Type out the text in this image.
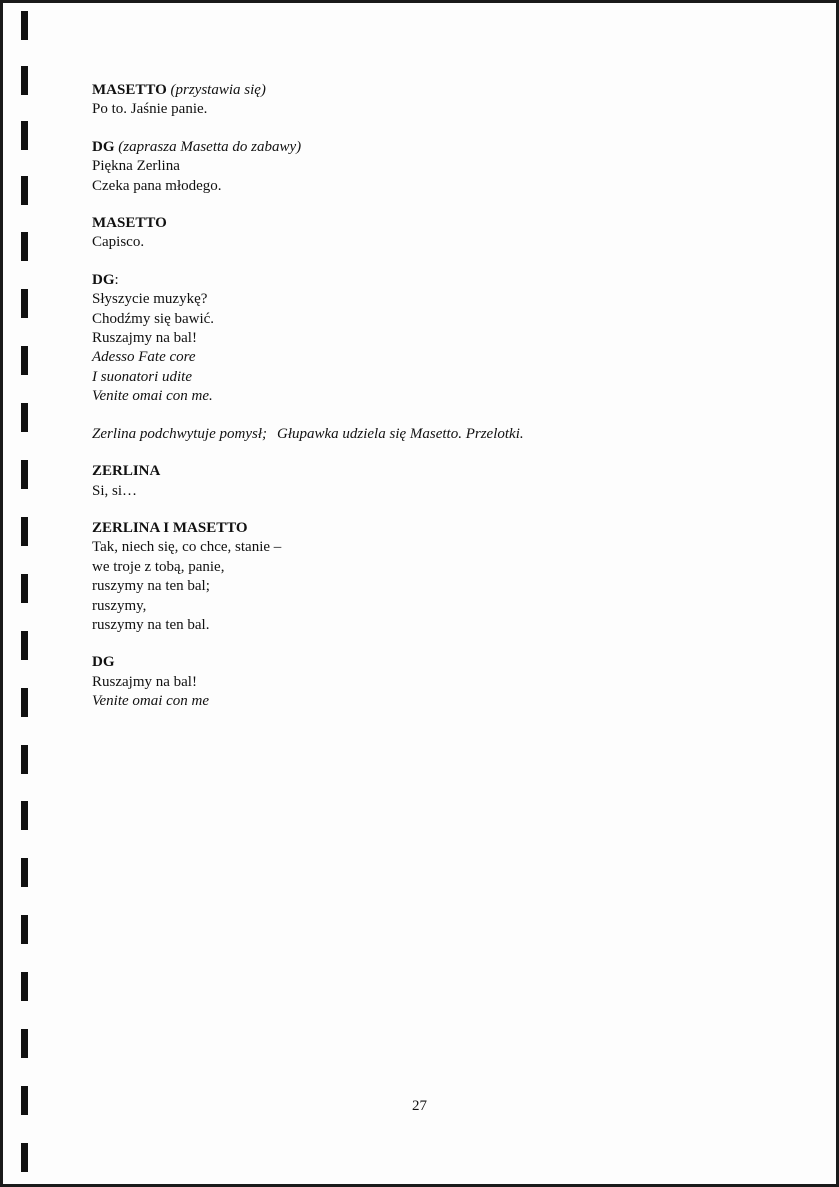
MASETTO (przystawia się)
Po to. Jaśnie panie.
DG (zaprasza Masetta do zabawy)
Piękna Zerlina
Czeka pana młodego.
MASETTO
Capisco.
DG:
Słyszycie muzykę?
Chodźmy się bawić.
Ruszajmy na bal!
Adesso Fate core
I suonatori udite
Venite omai con me.
Zerlina podchwytuje pomysł; Głupawka udziela się Masetto. Przelotki.
ZERLINA
Si, si…
ZERLINA I MASETTO
Tak, niech się, co chce, stanie –
we troje z tobą, panie,
ruszymy na ten bal;
ruszymy,
ruszymy na ten bal.
DG
Ruszajmy na bal!
Venite omai con me
27
